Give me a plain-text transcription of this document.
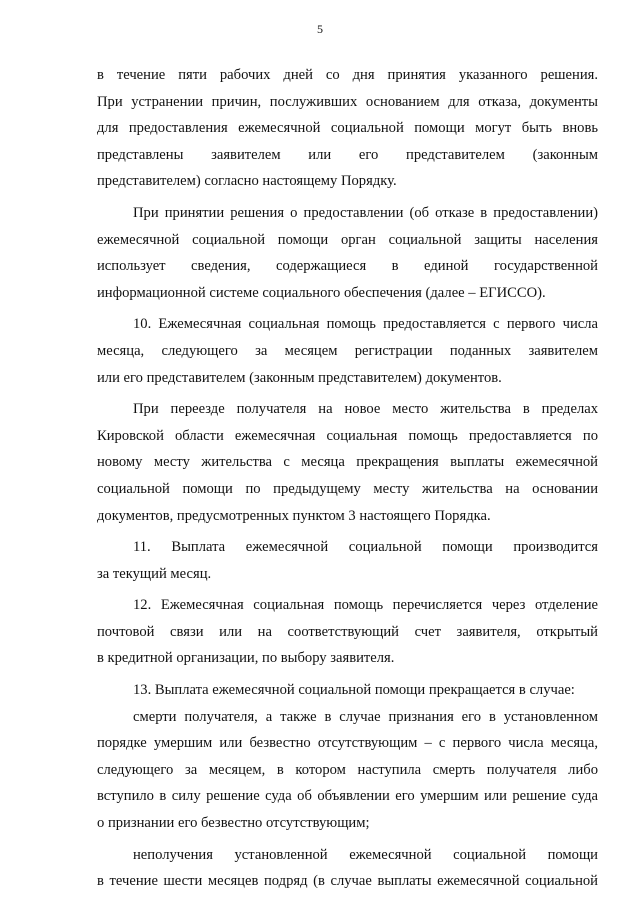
5
в течение пяти рабочих дней со дня принятия указанного решения.
При устранении причин, послуживших основанием для отказа, документы
для предоставления ежемесячной социальной помощи могут быть вновь
представлены заявителем или его представителем (законным
представителем) согласно настоящему Порядку.
При принятии решения о предоставлении (об отказе в предоставлении)
ежемесячной социальной помощи орган социальной защиты населения
использует сведения, содержащиеся в единой государственной
информационной системе социального обеспечения (далее – ЕГИССО).
10. Ежемесячная социальная помощь предоставляется с первого числа
месяца, следующего за месяцем регистрации поданных заявителем
или его представителем (законным представителем) документов.
При переезде получателя на новое место жительства в пределах
Кировской области ежемесячная социальная помощь предоставляется по
новому месту жительства с месяца прекращения выплаты ежемесячной
социальной помощи по предыдущему месту жительства на основании
документов, предусмотренных пунктом 3 настоящего Порядка.
11. Выплата ежемесячной социальной помощи производится
за текущий месяц.
12. Ежемесячная социальная помощь перечисляется через отделение
почтовой связи или на соответствующий счет заявителя, открытый
в кредитной организации, по выбору заявителя.
13. Выплата ежемесячной социальной помощи прекращается в случае:
смерти получателя, а также в случае признания его в установленном
порядке умершим или безвестно отсутствующим – с первого числа месяца,
следующего за месяцем, в котором наступила смерть получателя либо
вступило в силу решение суда об объявлении его умершим или решение суда
о признании его безвестно отсутствующим;
неполучения установленной ежемесячной социальной помощи
в течение шести месяцев подряд (в случае выплаты ежемесячной социальной
